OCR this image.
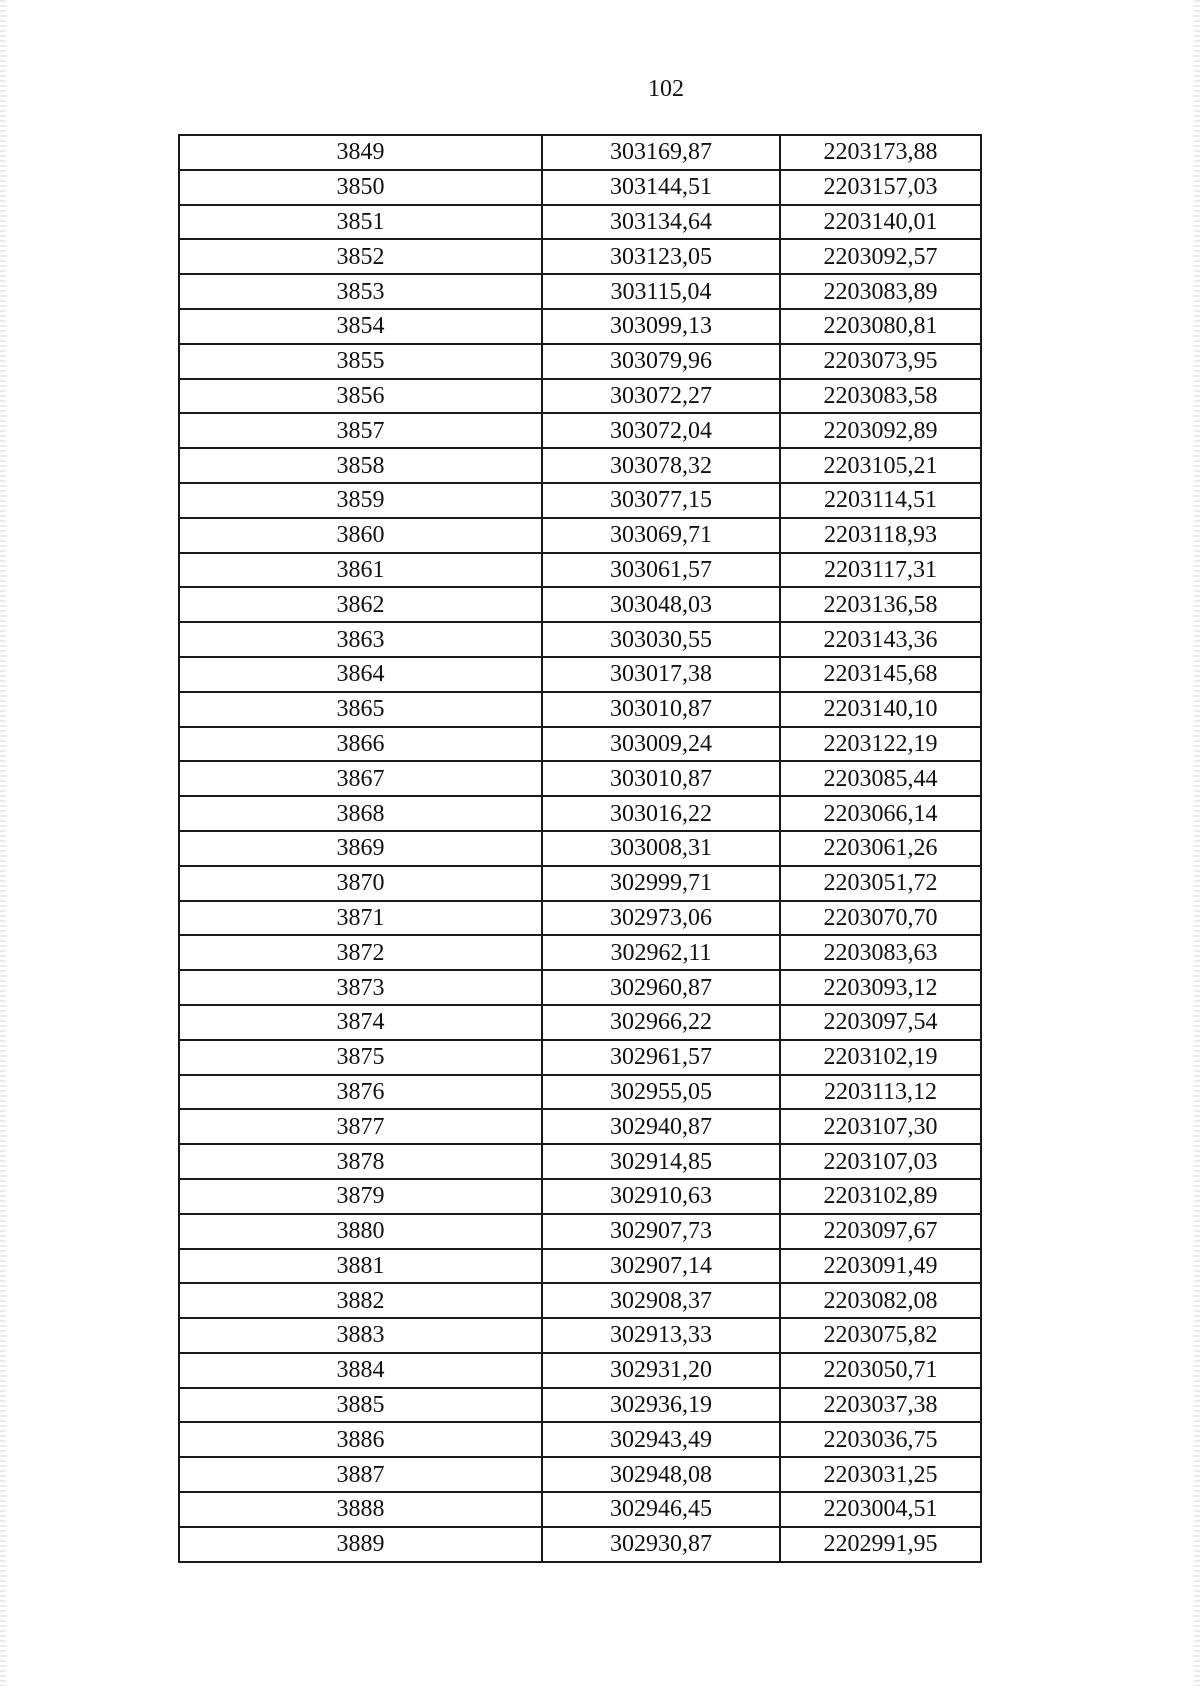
102
3849	303169,87	2203173,88
3850	303144,51	2203157,03
3851	303134,64	2203140,01
3852	303123,05	2203092,57
3853	303115,04	2203083,89
3854	303099,13	2203080,81
3855	303079,96	2203073,95
3856	303072,27	2203083,58
3857	303072,04	2203092,89
3858	303078,32	2203105,21
3859	303077,15	2203114,51
3860	303069,71	2203118,93
3861	303061,57	2203117,31
3862	303048,03	2203136,58
3863	303030,55	2203143,36
3864	303017,38	2203145,68
3865	303010,87	2203140,10
3866	303009,24	2203122,19
3867	303010,87	2203085,44
3868	303016,22	2203066,14
3869	303008,31	2203061,26
3870	302999,71	2203051,72
3871	302973,06	2203070,70
3872	302962,11	2203083,63
3873	302960,87	2203093,12
3874	302966,22	2203097,54
3875	302961,57	2203102,19
3876	302955,05	2203113,12
3877	302940,87	2203107,30
3878	302914,85	2203107,03
3879	302910,63	2203102,89
3880	302907,73	2203097,67
3881	302907,14	2203091,49
3882	302908,37	2203082,08
3883	302913,33	2203075,82
3884	302931,20	2203050,71
3885	302936,19	2203037,38
3886	302943,49	2203036,75
3887	302948,08	2203031,25
3888	302946,45	2203004,51
3889	302930,87	2202991,95
